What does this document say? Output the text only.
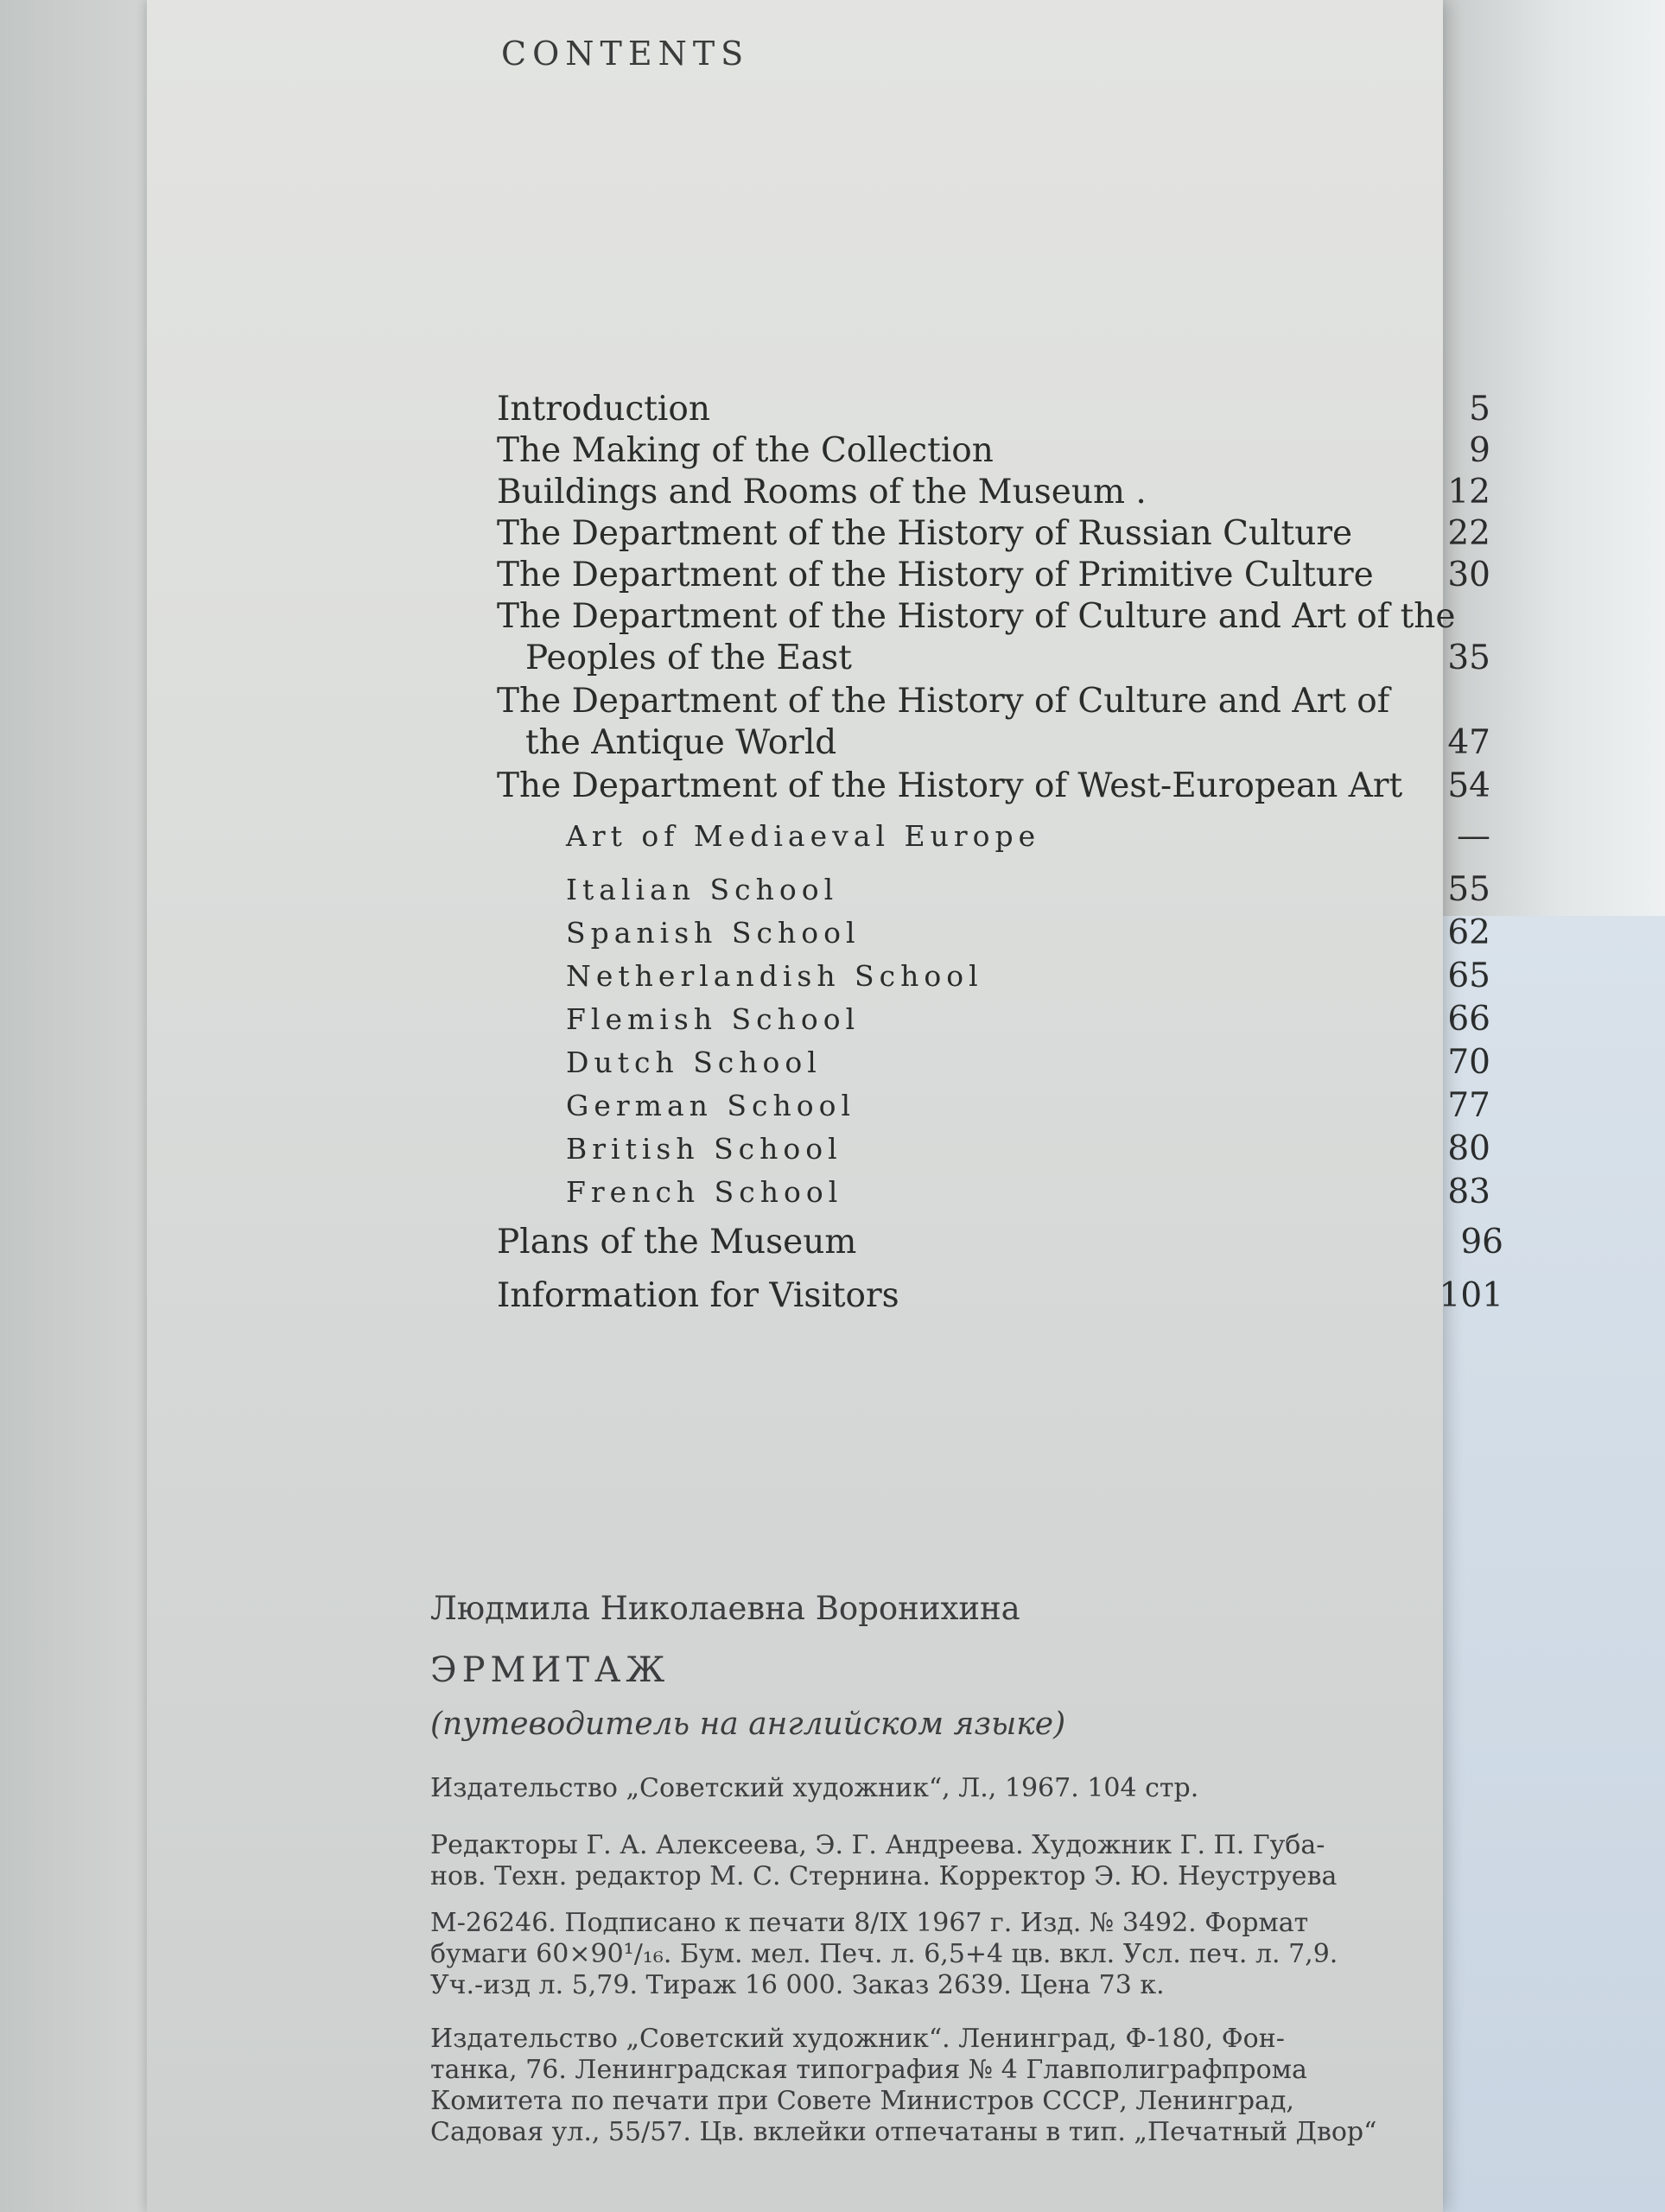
CONTENTS
Introduction	5
The Making of the Collection	9
Buildings and Rooms of the Museum .	12
The Department of the History of Russian Culture	22
The Department of the History of Primitive Culture 30
The Department of the History of Culture and Art of the
Peoples of the East	35
The Department of the History of Culture and Art of
the Antique World	47
The Department of the History of West-European Art 54
Art of Mediaeval Europe	—
Italian School	55
Spanish School	62
Netherlandish School	65
Flemish School	66
Dutch School	70
German School	77
British School	80
French School	83
Plans of the Museum	96
Information for Visitors	101
Людмила Николаевна Воронихина
ЭРМИТАЖ
(путеводитель на английском языке)
Издательство „Советский художник“, Л., 1967. 104 стр.
Редакторы Г. А. Алексеева, Э. Г. Андреева. Художник Г. П. Губа-
нов. Техн. редактор М. С. Стернина. Корректор Э. Ю. Неуструева
М-26246. Подписано к печати 8/IX 1967 г. Изд. № 3492. Формат
бумаги 60×90¹/₁₆. Бум. мел. Печ. л. 6,5+4 цв. вкл. Усл. печ. л. 7,9.
Уч.-изд л. 5,79. Тираж 16 000. Заказ 2639. Цена 73 к.
Издательство „Советский художник“. Ленинград, Ф-180, Фон-
танка, 76. Ленинградская типография № 4 Главполиграфпрома
Комитета по печати при Совете Министров СССР, Ленинград,
Садовая ул., 55/57. Цв. вклейки отпечатаны в тип. „Печатный Двор“
